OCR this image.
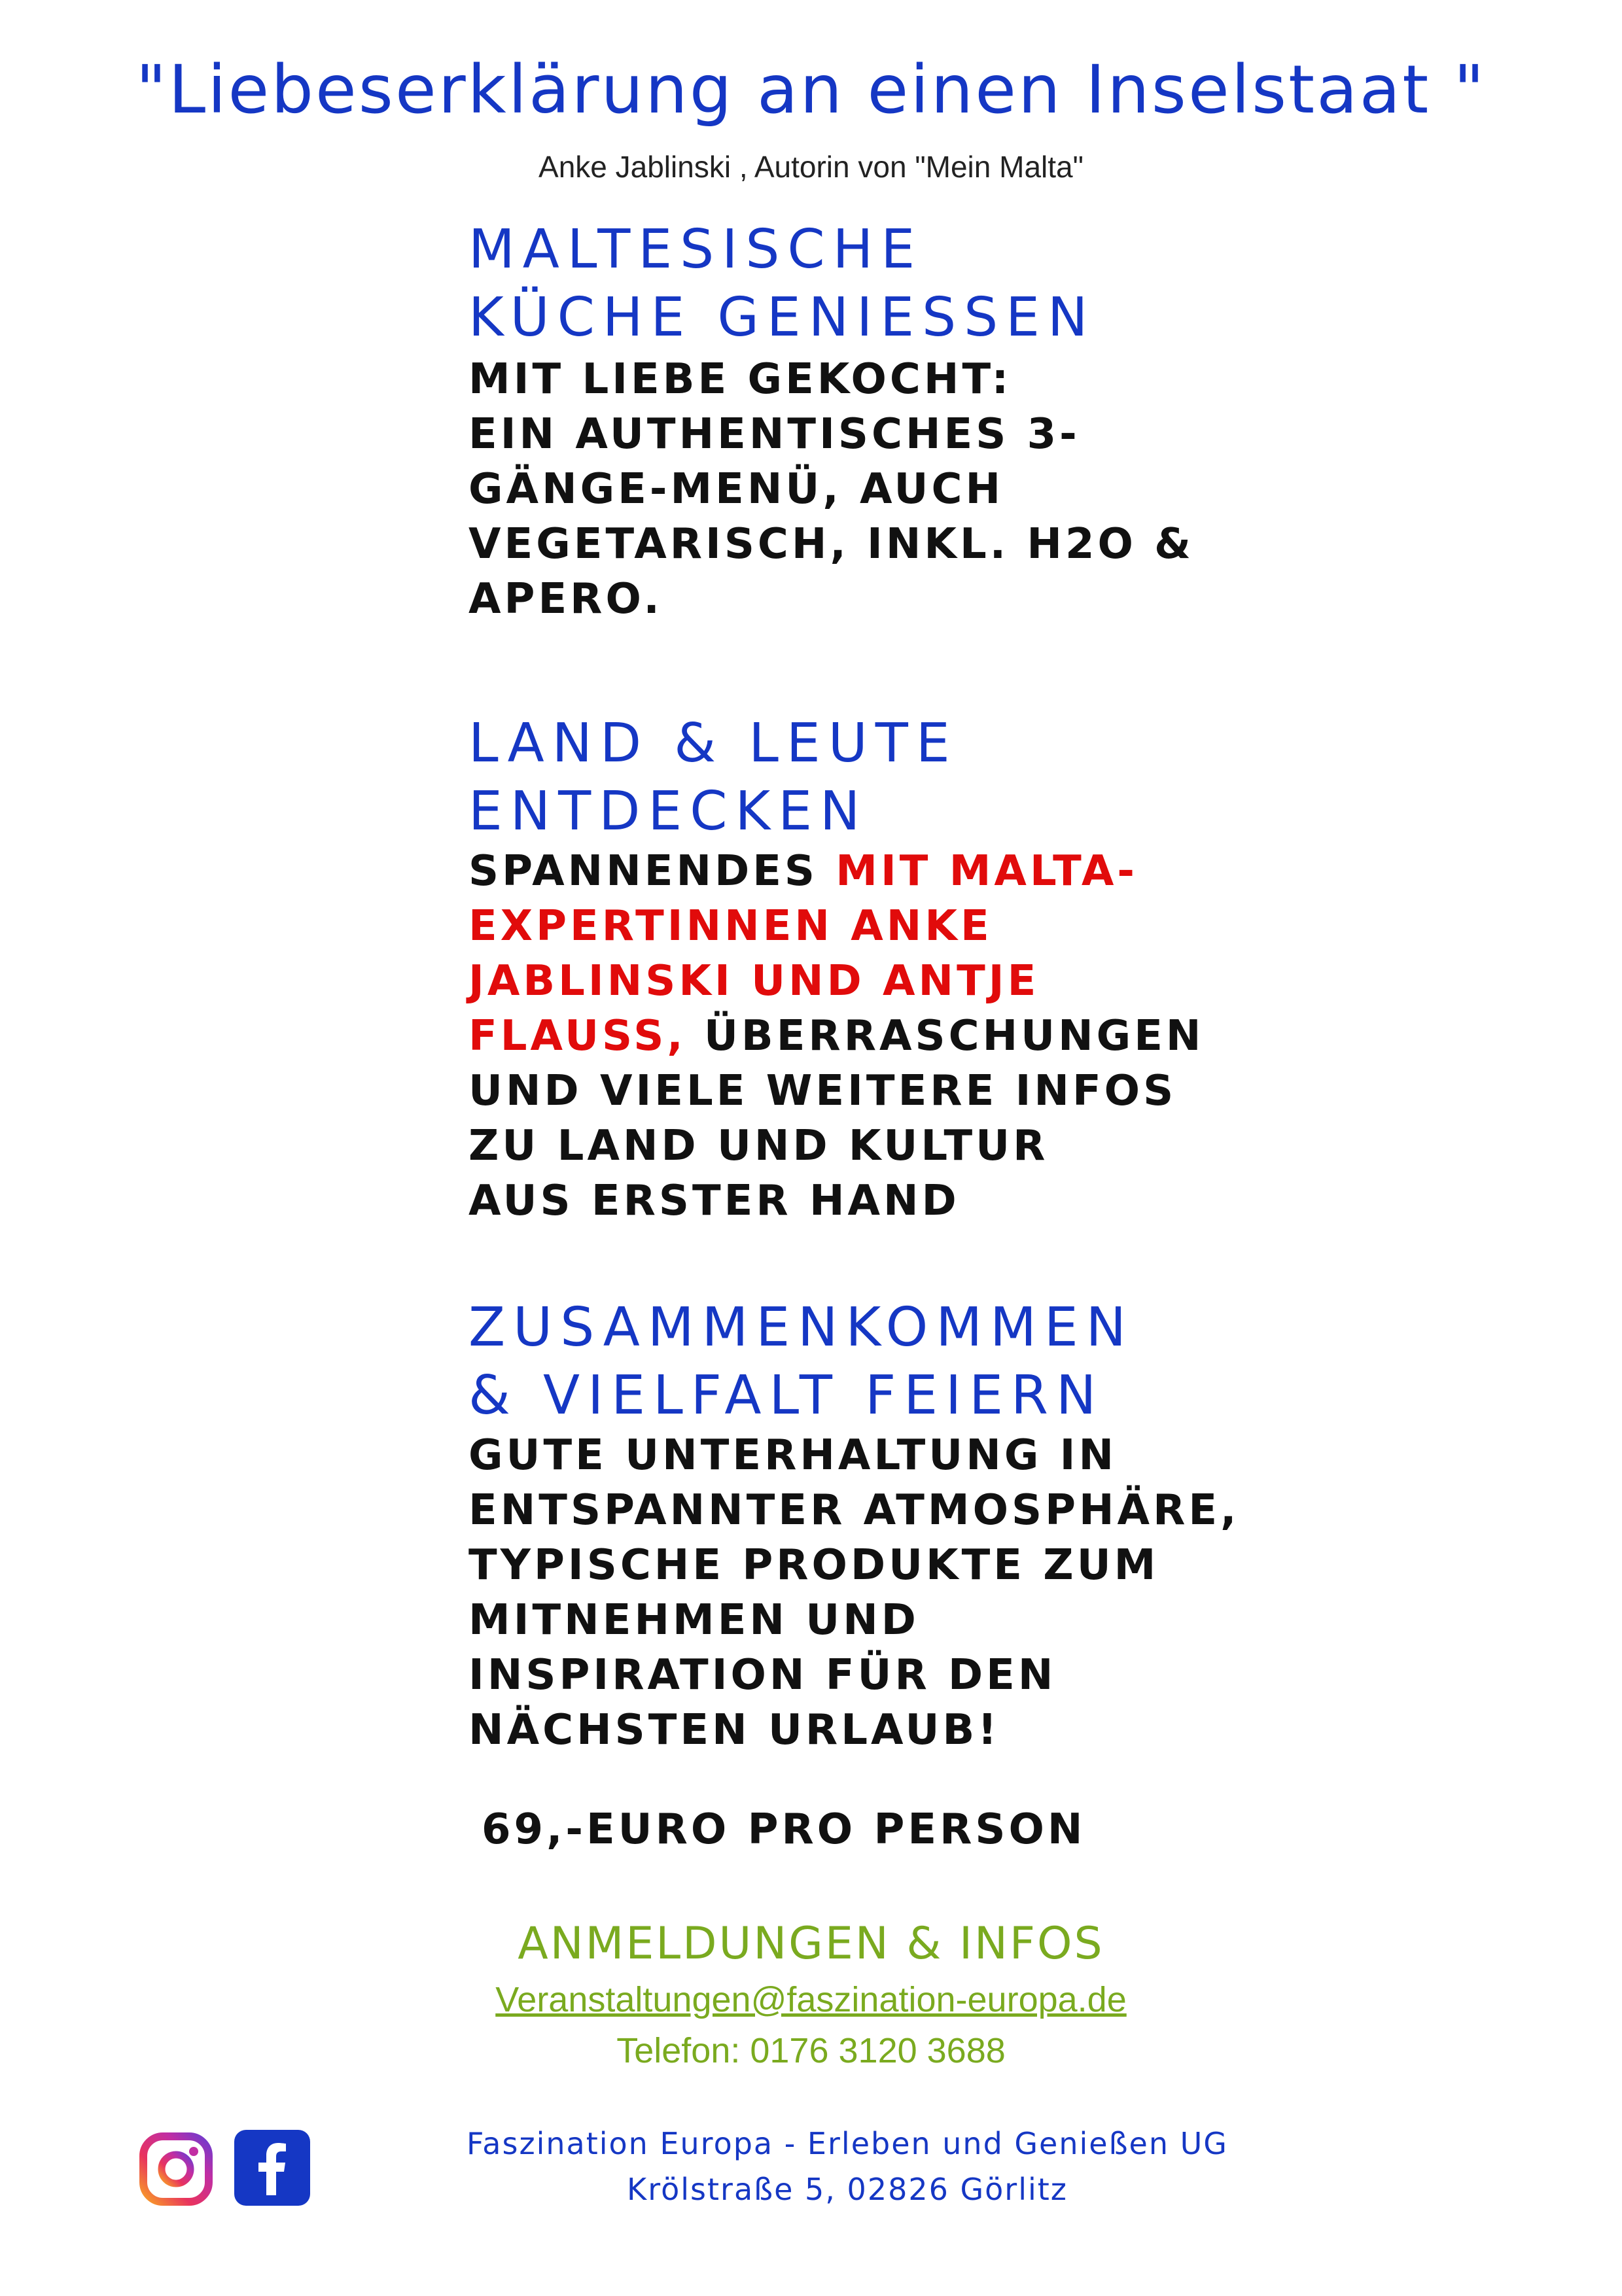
"Liebeserklärung an einen Inselstaat "
Anke Jablinski , Autorin von "Mein Malta"
MALTESISCHE
KÜCHE GENIESSEN
MIT LIEBE GEKOCHT:
EIN AUTHENTISCHES 3-
GÄNGE-MENÜ, AUCH
VEGETARISCH, INKL. H2O &
APERO.
LAND & LEUTE
ENTDECKEN
SPANNENDES MIT MALTA-
EXPERTINNEN ANKE
JABLINSKI UND ANTJE
FLAUSS, ÜBERRASCHUNGEN
UND VIELE WEITERE INFOS
ZU LAND UND KULTUR
AUS ERSTER HAND
ZUSAMMENKOMMEN
& VIELFALT FEIERN
GUTE UNTERHALTUNG IN
ENTSPANNTER ATMOSPHÄRE,
TYPISCHE PRODUKTE ZUM
MITNEHMEN UND
INSPIRATION FÜR DEN
NÄCHSTEN URLAUB!
69,-EURO PRO PERSON
ANMELDUNGEN & INFOS
Veranstaltungen@faszination-europa.de
Telefon: 0176 3120 3688
Faszination Europa - Erleben und Genießen UG
Krölstraße 5, 02826 Görlitz
